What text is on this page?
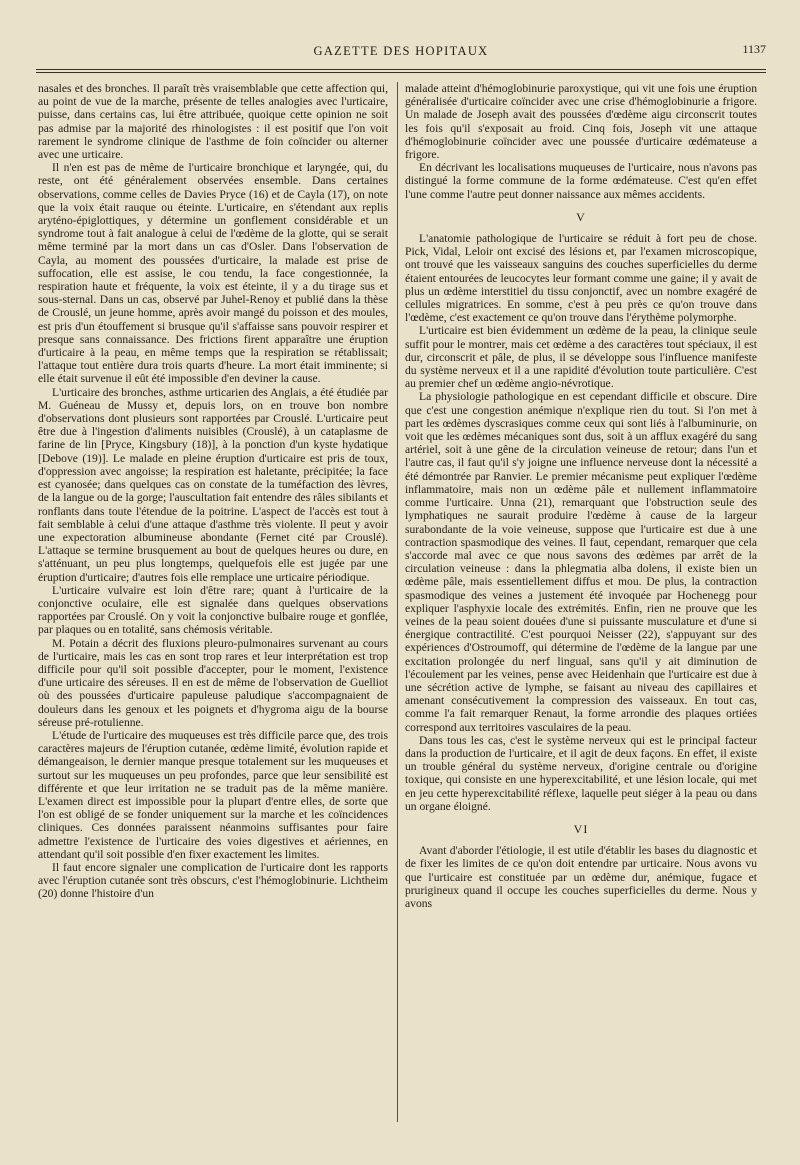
GAZETTE DES HOPITAUX	1137

nasales et des bronches. Il paraît très vraisemblable que cette affection qui, au point de vue de la marche, présente de telles analogies avec l'urticaire, puisse, dans certains cas, lui être attribuée, quoique cette opinion ne soit pas admise par la majorité des rhinologistes : il est positif que l'on voit rarement le syndrome clinique de l'asthme de foin coïncider ou alterner avec une urticaire.

Il n'en est pas de même de l'urticaire bronchique et laryngée, qui, du reste, ont été généralement observées ensemble. Dans certaines observations, comme celles de Davies Pryce (16) et de Cayla (17), on note que la voix était rauque ou éteinte. L'urticaire, en s'étendant aux replis aryténo-épiglottiques, y détermine un gonflement considérable et un syndrome tout à fait analogue à celui de l'œdème de la glotte, qui se serait même terminé par la mort dans un cas d'Osler. Dans l'observation de Cayla, au moment des poussées d'urticaire, la malade est prise de suffocation, elle est assise, le cou tendu, la face congestionnée, la respiration haute et fréquente, la voix est éteinte, il y a du tirage sus et sous-sternal. Dans un cas, observé par Juhel-Renoy et publié dans la thèse de Crouslé, un jeune homme, après avoir mangé du poisson et des moules, est pris d'un étouffement si brusque qu'il s'affaisse sans pouvoir respirer et presque sans connaissance. Des frictions firent apparaître une éruption d'urticaire à la peau, en même temps que la respiration se rétablissait; l'attaque tout entière dura trois quarts d'heure. La mort était imminente; si elle était survenue il eût été impossible d'en deviner la cause.

L'urticaire des bronches, asthme urticarien des Anglais, a été étudiée par M. Guéneau de Mussy et, depuis lors, on en trouve bon nombre d'observations dont plusieurs sont rapportées par Crouslé. L'urticaire peut être due à l'ingestion d'aliments nuisibles (Crouslé), à un cataplasme de farine de lin [Pryce, Kingsbury (18)], à la ponction d'un kyste hydatique [Debove (19)]. Le malade en pleine éruption d'urticaire est pris de toux, d'oppression avec angoisse; la respiration est haletante, précipitée; la face est cyanosée; dans quelques cas on constate de la tuméfaction des lèvres, de la langue ou de la gorge; l'auscultation fait entendre des râles sibilants et ronflants dans toute l'étendue de la poitrine. L'aspect de l'accès est tout à fait semblable à celui d'une attaque d'asthme très violente. Il peut y avoir une expectoration albumineuse abondante (Fernet cité par Crouslé). L'attaque se termine brusquement au bout de quelques heures ou dure, en s'atténuant, un peu plus longtemps, quelquefois elle est jugée par une éruption d'urticaire; d'autres fois elle remplace une urticaire périodique.

L'urticaire vulvaire est loin d'être rare; quant à l'urticaire de la conjonctive oculaire, elle est signalée dans quelques observations rapportées par Crouslé. On y voit la conjonctive bulbaire rouge et gonflée, par plaques ou en totalité, sans chémosis véritable.

M. Potain a décrit des fluxions pleuro-pulmonaires survenant au cours de l'urticaire, mais les cas en sont trop rares et leur interprétation est trop difficile pour qu'il soit possible d'accepter, pour le moment, l'existence d'une urticaire des séreuses. Il en est de même de l'observation de Guelliot où des poussées d'urticaire papuleuse paludique s'accompagnaient de douleurs dans les genoux et les poignets et d'hygroma aigu de la bourse séreuse pré-rotulienne.

L'étude de l'urticaire des muqueuses est très difficile parce que, des trois caractères majeurs de l'éruption cutanée, œdème limité, évolution rapide et démangeaison, le dernier manque presque totalement sur les muqueuses et surtout sur les muqueuses un peu profondes, parce que leur sensibilité est différente et que leur irritation ne se traduit pas de la même manière. L'examen direct est impossible pour la plupart d'entre elles, de sorte que l'on est obligé de se fonder uniquement sur la marche et les coïncidences cliniques. Ces données paraissent néanmoins suffisantes pour faire admettre l'existence de l'urticaire des voies digestives et aériennes, en attendant qu'il soit possible d'en fixer exactement les limites.

Il faut encore signaler une complication de l'urticaire dont les rapports avec l'éruption cutanée sont très obscurs, c'est l'hémoglobinurie. Lichtheim (20) donne l'histoire d'un

malade atteint d'hémoglobinurie paroxystique, qui vit une fois une éruption généralisée d'urticaire coïncider avec une crise d'hémoglobinurie a frigore. Un malade de Joseph avait des poussées d'œdème aigu circonscrit toutes les fois qu'il s'exposait au froid. Cinq fois, Joseph vit une attaque d'hémoglobinurie coïncider avec une poussée d'urticaire œdémateuse a frigore.

En décrivant les localisations muqueuses de l'urticaire, nous n'avons pas distingué la forme commune de la forme œdémateuse. C'est qu'en effet l'une comme l'autre peut donner naissance aux mêmes accidents.

V

L'anatomie pathologique de l'urticaire se réduit à fort peu de chose. Pick, Vidal, Leloir ont excisé des lésions et, par l'examen microscopique, ont trouvé que les vaisseaux sanguins des couches superficielles du derme étaient entourées de leucocytes leur formant comme une gaine; il y avait de plus un œdème interstitiel du tissu conjonctif, avec un nombre exagéré de cellules migratrices. En somme, c'est à peu près ce qu'on trouve dans l'œdème, c'est exactement ce qu'on trouve dans l'érythème polymorphe.

L'urticaire est bien évidemment un œdème de la peau, la clinique seule suffit pour le montrer, mais cet œdème a des caractères tout spéciaux, il est dur, circonscrit et pâle, de plus, il se développe sous l'influence manifeste du système nerveux et il a une rapidité d'évolution toute particulière. C'est au premier chef un œdème angio-névrotique.

La physiologie pathologique en est cependant difficile et obscure. Dire que c'est une congestion anémique n'explique rien du tout. Si l'on met à part les œdèmes dyscrasiques comme ceux qui sont liés à l'albuminurie, on voit que les œdèmes mécaniques sont dus, soit à un afflux exagéré du sang artériel, soit à une gêne de la circulation veineuse de retour; dans l'un et l'autre cas, il faut qu'il s'y joigne une influence nerveuse dont la nécessité a été démontrée par Ranvier. Le premier mécanisme peut expliquer l'œdème inflammatoire, mais non un œdème pâle et nullement inflammatoire comme l'urticaire. Unna (21), remarquant que l'obstruction seule des lymphatiques ne saurait produire l'œdème à cause de la largeur surabondante de la voie veineuse, suppose que l'urticaire est due à une contraction spasmodique des veines. Il faut, cependant, remarquer que cela s'accorde mal avec ce que nous savons des œdèmes par arrêt de la circulation veineuse : dans la phlegmatia alba dolens, il existe bien un œdème pâle, mais essentiellement diffus et mou. De plus, la contraction spasmodique des veines a justement été invoquée par Hochenegg pour expliquer l'asphyxie locale des extrémités. Enfin, rien ne prouve que les veines de la peau soient douées d'une si puissante musculature et d'une si énergique contractilité. C'est pourquoi Neisser (22), s'appuyant sur des expériences d'Ostroumoff, qui détermine de l'œdème de la langue par une excitation prolongée du nerf lingual, sans qu'il y ait diminution de l'écoulement par les veines, pense avec Heidenhain que l'urticaire est due à une sécrétion active de lymphe, se faisant au niveau des capillaires et amenant consécutivement la compression des vaisseaux. En tout cas, comme l'a fait remarquer Renaut, la forme arrondie des plaques ortiées correspond aux territoires vasculaires de la peau.

Dans tous les cas, c'est le système nerveux qui est le principal facteur dans la production de l'urticaire, et il agit de deux façons. En effet, il existe un trouble général du système nerveux, d'origine centrale ou d'origine toxique, qui consiste en une hyperexcitabilité, et une lésion locale, qui met en jeu cette hyperexcitabilité réflexe, laquelle peut siéger à la peau ou dans un organe éloigné.

VI

Avant d'aborder l'étiologie, il est utile d'établir les bases du diagnostic et de fixer les limites de ce qu'on doit entendre par urticaire. Nous avons vu que l'urticaire est constituée par un œdème dur, anémique, fugace et prurigineux quand il occupe les couches superficielles du derme. Nous y avons
